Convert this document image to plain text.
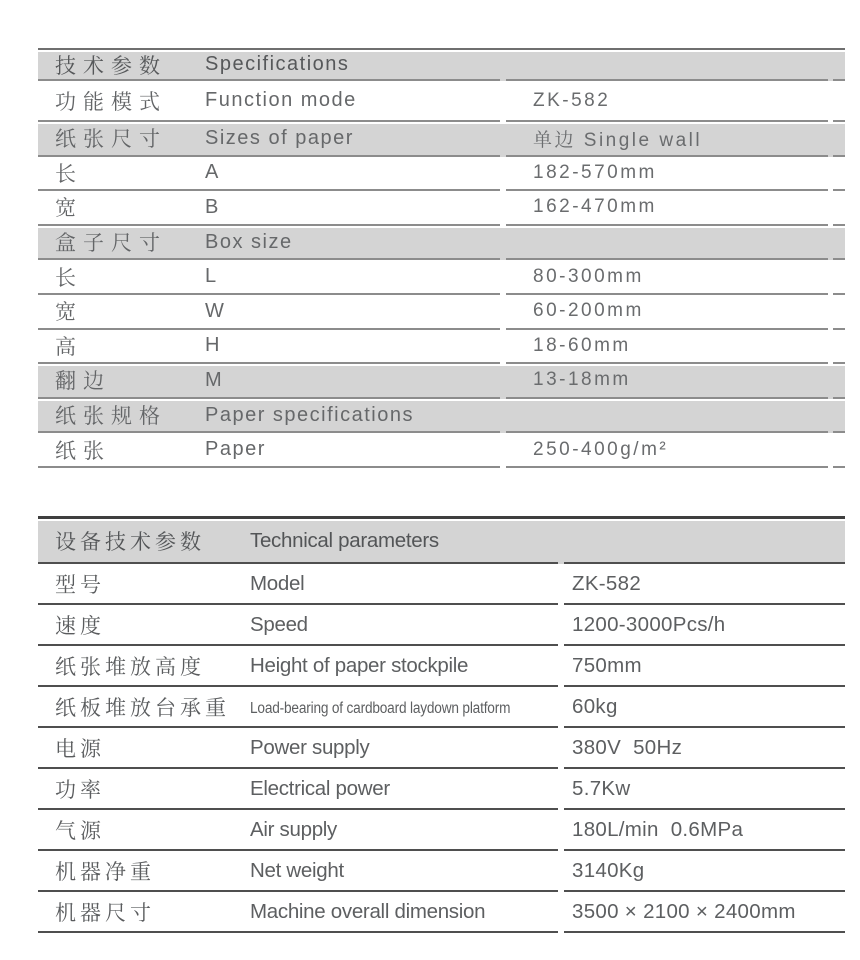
技术参数	Specifications
功能模式	Function mode	ZK-582
纸张尺寸	Sizes of paper	单边 Single wall
长	A	182-570mm
宽	B	162-470mm
盒子尺寸	Box size
长	L	80-300mm
宽	W	60-200mm
高	H	18-60mm
翻边	M	13-18mm
纸张规格	Paper specifications
纸张	Paper	250-400g/m²
设备技术参数	Technical parameters
型号	Model	ZK-582
速度	Speed	1200-3000Pcs/h
纸张堆放高度	Height of paper stockpile	750mm
纸板堆放台承重	Load-bearing of cardboard laydown platform	60kg
电源	Power supply	380V  50Hz
功率	Electrical power	5.7Kw
气源	Air supply	180L/min  0.6MPa
机器净重	Net weight	3140Kg
机器尺寸	Machine overall dimension	3500 × 2100 × 2400mm
